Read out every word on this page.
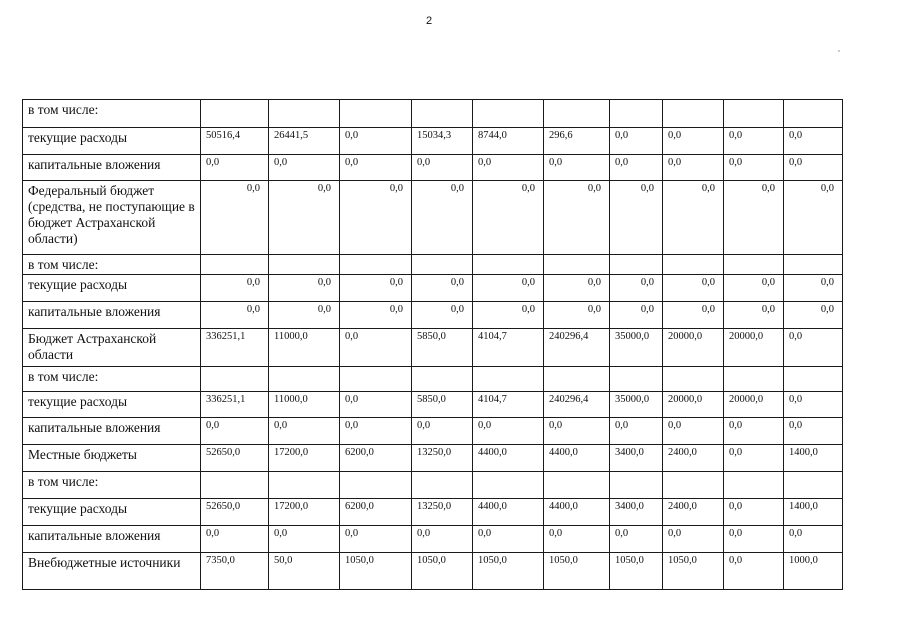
2
в том числе:										
текущие расходы	50516,4	26441,5	0,0	15034,3	8744,0	296,6	0,0	0,0	0,0	0,0
капитальные вложения	0,0	0,0	0,0	0,0	0,0	0,0	0,0	0,0	0,0	0,0
Федеральный бюджет (средства, не поступающие в бюджет Астраханской области)	0,0	0,0	0,0	0,0	0,0	0,0	0,0	0,0	0,0	0,0
в том числе:										
текущие расходы	0,0	0,0	0,0	0,0	0,0	0,0	0,0	0,0	0,0	0,0
капитальные вложения	0,0	0,0	0,0	0,0	0,0	0,0	0,0	0,0	0,0	0,0
Бюджет Астраханской области	336251,1	11000,0	0,0	5850,0	4104,7	240296,4	35000,0	20000,0	20000,0	0,0
в том числе:										
текущие расходы	336251,1	11000,0	0,0	5850,0	4104,7	240296,4	35000,0	20000,0	20000,0	0,0
капитальные вложения	0,0	0,0	0,0	0,0	0,0	0,0	0,0	0,0	0,0	0,0
Местные бюджеты	52650,0	17200,0	6200,0	13250,0	4400,0	4400,0	3400,0	2400,0	0,0	1400,0
в том числе:										
текущие расходы	52650,0	17200,0	6200,0	13250,0	4400,0	4400,0	3400,0	2400,0	0,0	1400,0
капитальные вложения	0,0	0,0	0,0	0,0	0,0	0,0	0,0	0,0	0,0	0,0
Внебюджетные источники	7350,0	50,0	1050,0	1050,0	1050,0	1050,0	1050,0	1050,0	0,0	1000,0
